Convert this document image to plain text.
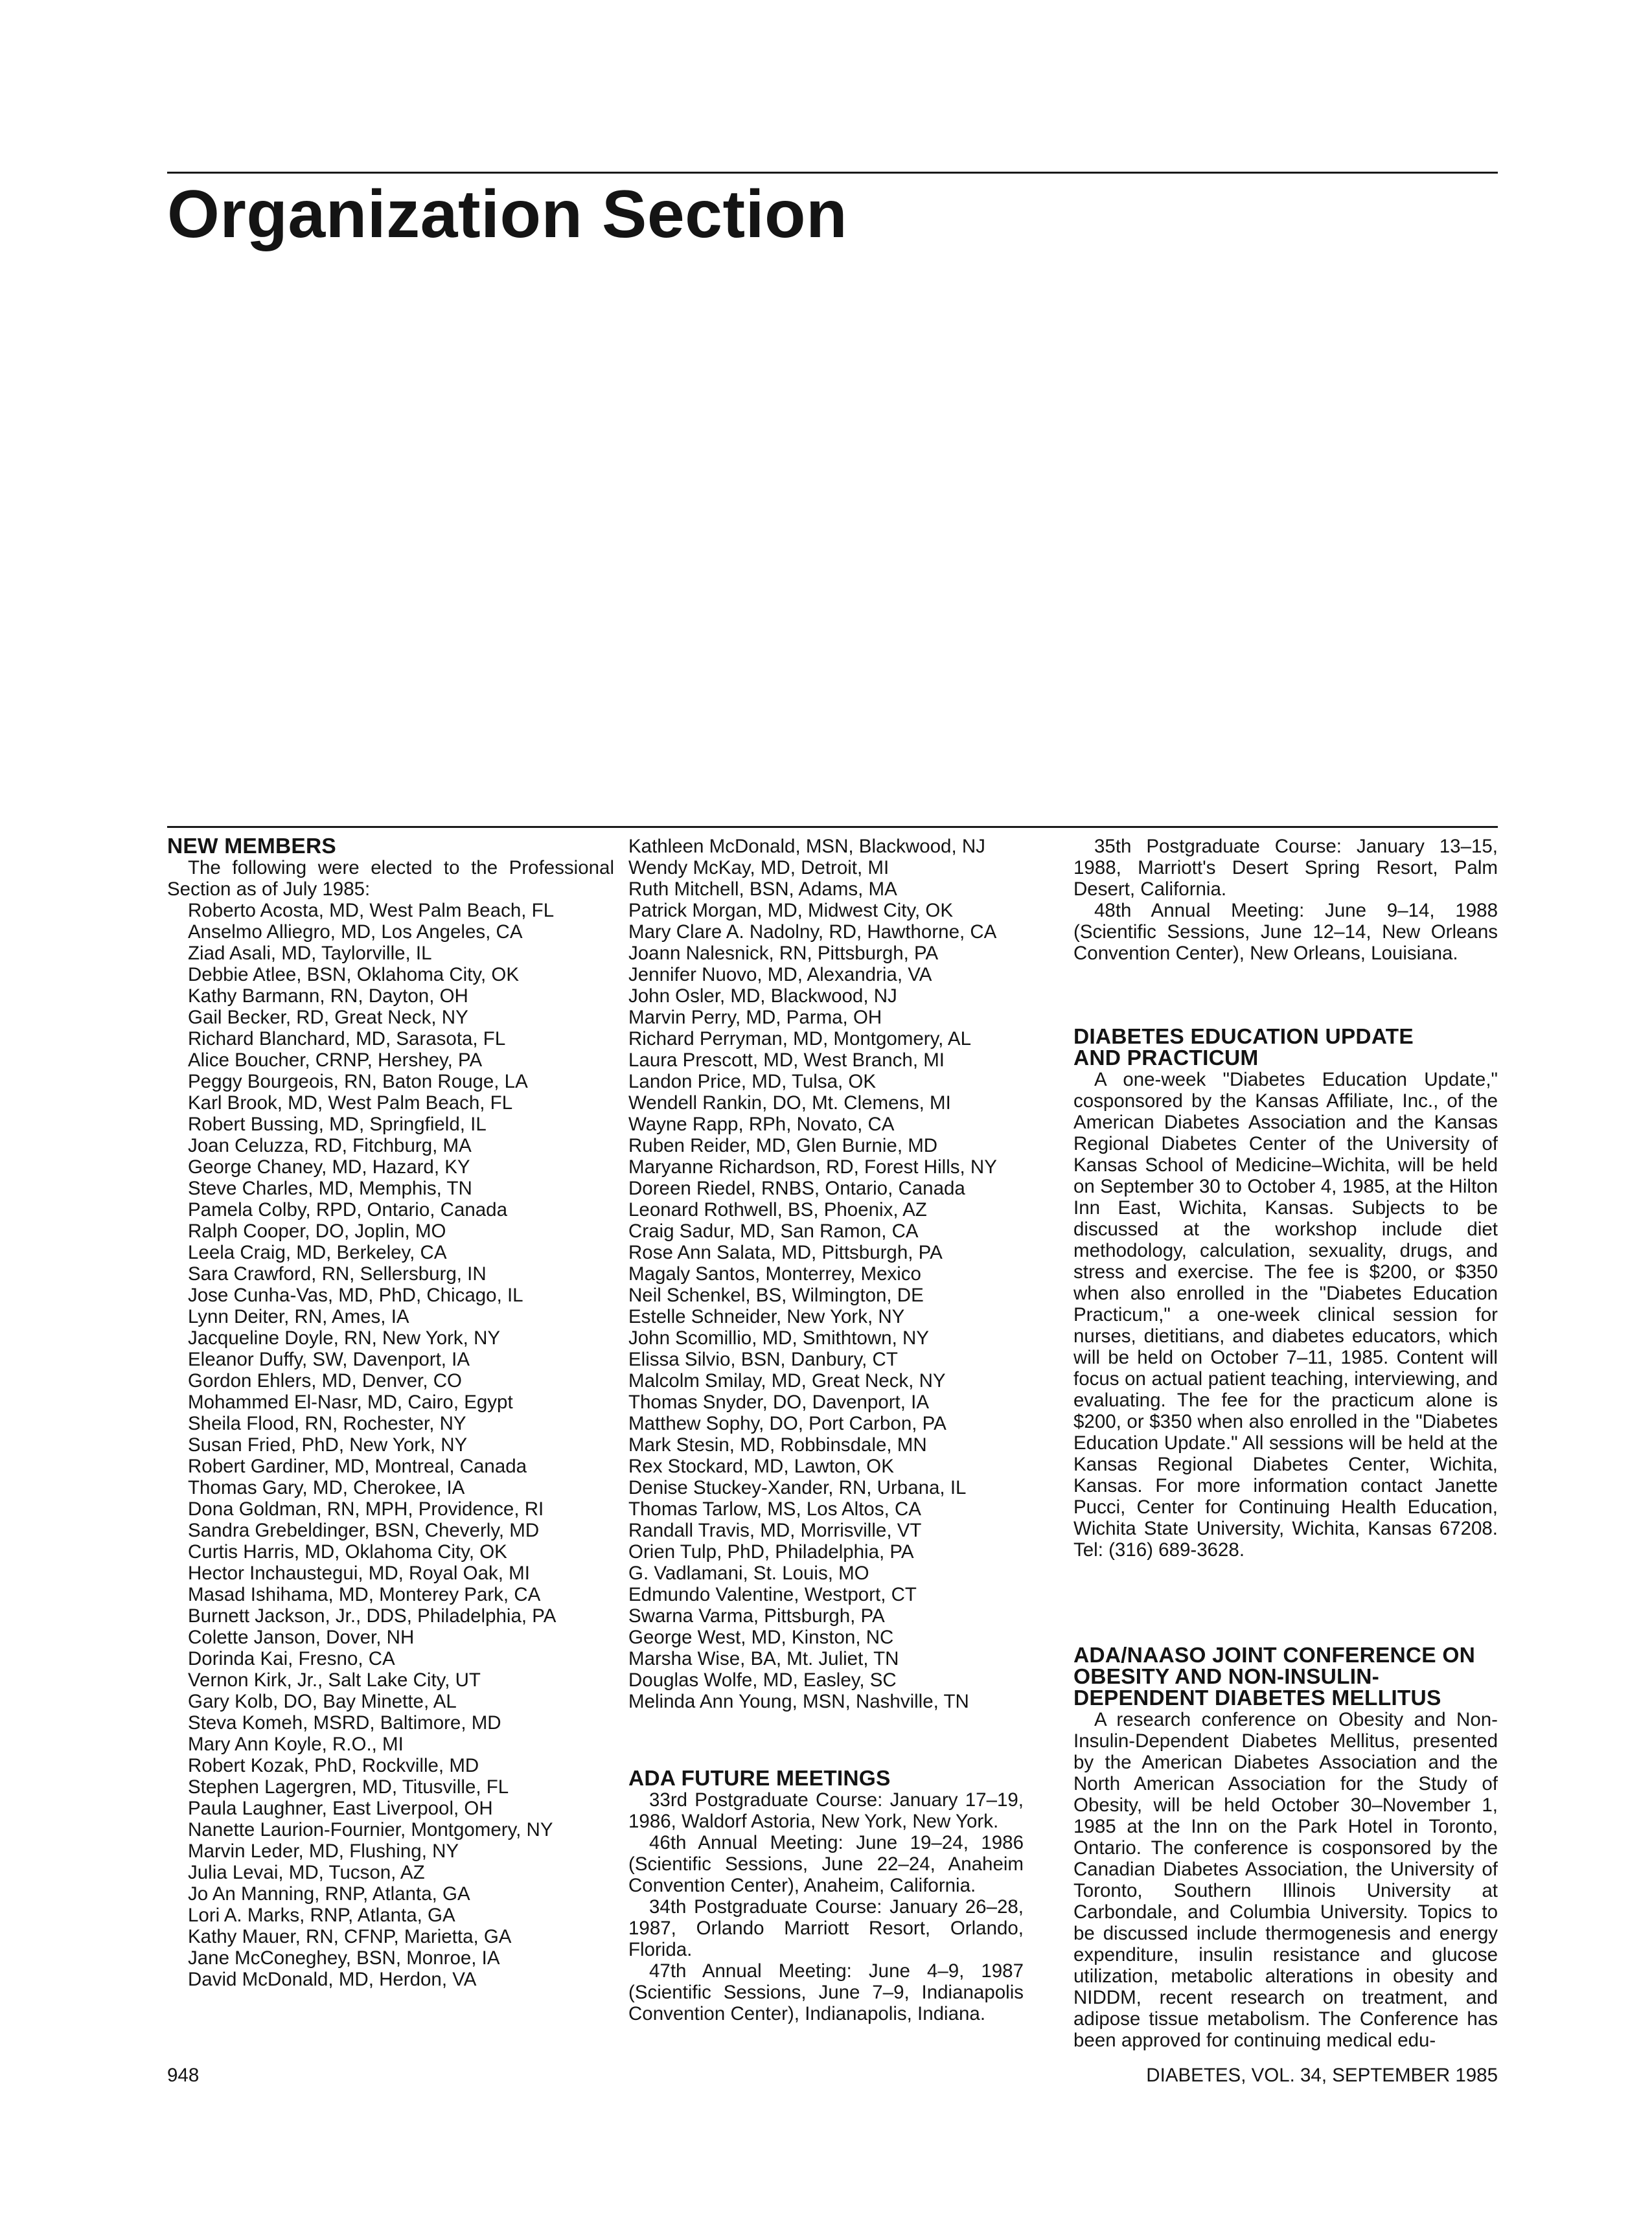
Organization Section
NEW MEMBERS

The following were elected to the Professional Section as of July 1985:

Roberto Acosta, MD, West Palm Beach, FL
Anselmo Alliegro, MD, Los Angeles, CA
Ziad Asali, MD, Taylorville, IL
Debbie Atlee, BSN, Oklahoma City, OK
Kathy Barmann, RN, Dayton, OH
Gail Becker, RD, Great Neck, NY
Richard Blanchard, MD, Sarasota, FL
Alice Boucher, CRNP, Hershey, PA
Peggy Bourgeois, RN, Baton Rouge, LA
Karl Brook, MD, West Palm Beach, FL
Robert Bussing, MD, Springfield, IL
Joan Celuzza, RD, Fitchburg, MA
George Chaney, MD, Hazard, KY
Steve Charles, MD, Memphis, TN
Pamela Colby, RPD, Ontario, Canada
Ralph Cooper, DO, Joplin, MO
Leela Craig, MD, Berkeley, CA
Sara Crawford, RN, Sellersburg, IN
Jose Cunha-Vas, MD, PhD, Chicago, IL
Lynn Deiter, RN, Ames, IA
Jacqueline Doyle, RN, New York, NY
Eleanor Duffy, SW, Davenport, IA
Gordon Ehlers, MD, Denver, CO
Mohammed El-Nasr, MD, Cairo, Egypt
Sheila Flood, RN, Rochester, NY
Susan Fried, PhD, New York, NY
Robert Gardiner, MD, Montreal, Canada
Thomas Gary, MD, Cherokee, IA
Dona Goldman, RN, MPH, Providence, RI
Sandra Grebeldinger, BSN, Cheverly, MD
Curtis Harris, MD, Oklahoma City, OK
Hector Inchaustegui, MD, Royal Oak, MI
Masad Ishihama, MD, Monterey Park, CA
Burnett Jackson, Jr., DDS, Philadelphia, PA
Colette Janson, Dover, NH
Dorinda Kai, Fresno, CA
Vernon Kirk, Jr., Salt Lake City, UT
Gary Kolb, DO, Bay Minette, AL
Steva Komeh, MSRD, Baltimore, MD
Mary Ann Koyle, R.O., MI
Robert Kozak, PhD, Rockville, MD
Stephen Lagergren, MD, Titusville, FL
Paula Laughner, East Liverpool, OH
Nanette Laurion-Fournier, Montgomery, NY
Marvin Leder, MD, Flushing, NY
Julia Levai, MD, Tucson, AZ
Jo An Manning, RNP, Atlanta, GA
Lori A. Marks, RNP, Atlanta, GA
Kathy Mauer, RN, CFNP, Marietta, GA
Jane McConeghey, BSN, Monroe, IA
David McDonald, MD, Herdon, VA
Kathleen McDonald, MSN, Blackwood, NJ
Wendy McKay, MD, Detroit, MI
Ruth Mitchell, BSN, Adams, MA
Patrick Morgan, MD, Midwest City, OK
Mary Clare A. Nadolny, RD, Hawthorne, CA
Joann Nalesnick, RN, Pittsburgh, PA
Jennifer Nuovo, MD, Alexandria, VA
John Osler, MD, Blackwood, NJ
Marvin Perry, MD, Parma, OH
Richard Perryman, MD, Montgomery, AL
Laura Prescott, MD, West Branch, MI
Landon Price, MD, Tulsa, OK
Wendell Rankin, DO, Mt. Clemens, MI
Wayne Rapp, RPh, Novato, CA
Ruben Reider, MD, Glen Burnie, MD
Maryanne Richardson, RD, Forest Hills, NY
Doreen Riedel, RNBS, Ontario, Canada
Leonard Rothwell, BS, Phoenix, AZ
Craig Sadur, MD, San Ramon, CA
Rose Ann Salata, MD, Pittsburgh, PA
Magaly Santos, Monterrey, Mexico
Neil Schenkel, BS, Wilmington, DE
Estelle Schneider, New York, NY
John Scomillio, MD, Smithtown, NY
Elissa Silvio, BSN, Danbury, CT
Malcolm Smilay, MD, Great Neck, NY
Thomas Snyder, DO, Davenport, IA
Matthew Sophy, DO, Port Carbon, PA
Mark Stesin, MD, Robbinsdale, MN
Rex Stockard, MD, Lawton, OK
Denise Stuckey-Xander, RN, Urbana, IL
Thomas Tarlow, MS, Los Altos, CA
Randall Travis, MD, Morrisville, VT
Orien Tulp, PhD, Philadelphia, PA
G. Vadlamani, St. Louis, MO
Edmundo Valentine, Westport, CT
Swarna Varma, Pittsburgh, PA
George West, MD, Kinston, NC
Marsha Wise, BA, Mt. Juliet, TN
Douglas Wolfe, MD, Easley, SC
Melinda Ann Young, MSN, Nashville, TN
ADA FUTURE MEETINGS

33rd Postgraduate Course: January 17–19, 1986, Waldorf Astoria, New York, New York.

46th Annual Meeting: June 19–24, 1986 (Scientific Sessions, June 22–24, Anaheim Convention Center), Anaheim, California.

34th Postgraduate Course: January 26–28, 1987, Orlando Marriott Resort, Orlando, Florida.

47th Annual Meeting: June 4–9, 1987 (Scientific Sessions, June 7–9, Indianapolis Convention Center), Indianapolis, Indiana.

35th Postgraduate Course: January 13–15, 1988, Marriott's Desert Spring Resort, Palm Desert, California.

48th Annual Meeting: June 9–14, 1988 (Scientific Sessions, June 12–14, New Orleans Convention Center), New Orleans, Louisiana.

DIABETES EDUCATION UPDATE
AND PRACTICUM

A one-week "Diabetes Education Update," cosponsored by the Kansas Affiliate, Inc., of the American Diabetes Association and the Kansas Regional Diabetes Center of the University of Kansas School of Medicine–Wichita, will be held on September 30 to October 4, 1985, at the Hilton Inn East, Wichita, Kansas. Subjects to be discussed at the workshop include diet methodology, calculation, sexuality, drugs, and stress and exercise. The fee is $200, or $350 when also enrolled in the "Diabetes Education Practicum," a one-week clinical session for nurses, dietitians, and diabetes educators, which will be held on October 7–11, 1985. Content will focus on actual patient teaching, interviewing, and evaluating. The fee for the practicum alone is $200, or $350 when also enrolled in the "Diabetes Education Update." All sessions will be held at the Kansas Regional Diabetes Center, Wichita, Kansas. For more information contact Janette Pucci, Center for Continuing Health Education, Wichita State University, Wichita, Kansas 67208. Tel: (316) 689-3628.

ADA/NAASO JOINT CONFERENCE ON
OBESITY AND NON-INSULIN-
DEPENDENT DIABETES MELLITUS

A research conference on Obesity and Non-Insulin-Dependent Diabetes Mellitus, presented by the American Diabetes Association and the North American Association for the Study of Obesity, will be held October 30–November 1, 1985 at the Inn on the Park Hotel in Toronto, Ontario. The conference is cosponsored by the Canadian Diabetes Association, the University of Toronto, Southern Illinois University at Carbondale, and Columbia University. Topics to be discussed include thermogenesis and energy expenditure, insulin resistance and glucose utilization, metabolic alterations in obesity and NIDDM, recent research on treatment, and adipose tissue metabolism. The Conference has been approved for continuing medical edu-

948	DIABETES, VOL. 34, SEPTEMBER 1985
